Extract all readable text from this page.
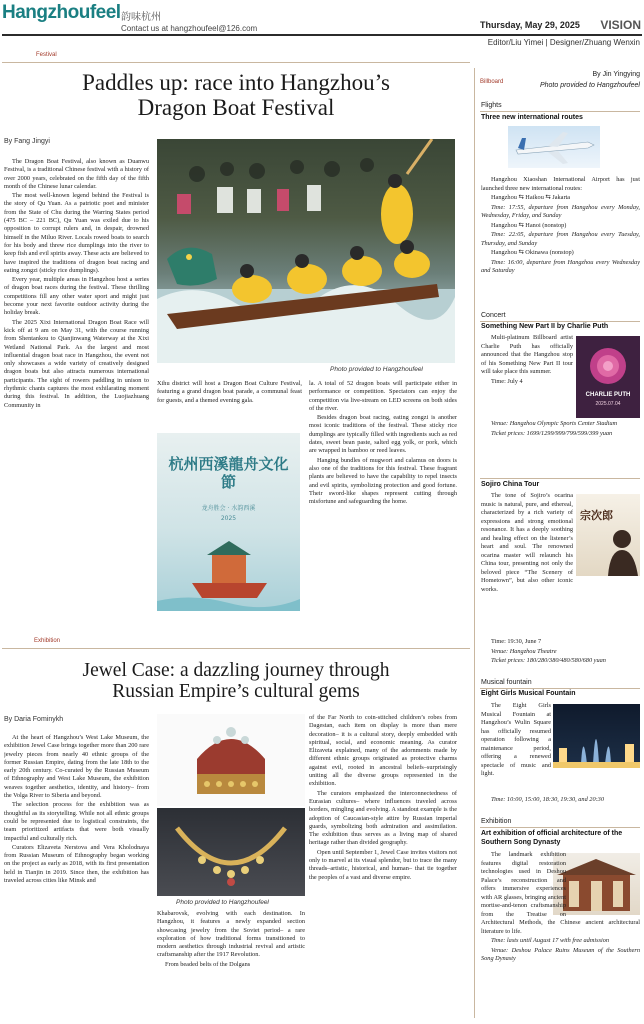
Hangzhoufeel 韵味杭州
Contact us at hangzhoufeel@126.com	Thursday, May 29, 2025 VISION
Editor/Liu Yimei | Designer/Zhuang Wenxin
Festival
Paddles up: race into Hangzhou’s
Dragon Boat Festival
By Fang Jingyi

The Dragon Boat Festival, also known as Duanwu Festival, is a traditional Chinese festival with a history of over 2000 years, celebrated on the fifth day of the fifth month of the Chinese lunar calendar.

The most well-known legend behind the Festival is the story of Qu Yuan. As a patriotic poet and minister from the State of Chu during the Warring States period (475 BC – 221 BC), Qu Yuan was exiled due to his opposition to corrupt rulers and, in despair, drowned himself in the Miluo River. Locals rowed boats to search for his body and threw rice dumplings into the river to keep fish and evil spirits away. These acts are believed to have inspired the traditions of dragon boat racing and eating zongzi (sticky rice dumplings).

Every year, multiple areas in Hangzhou host a series of dragon boat races during the festival. These thrilling competitions fill any other water sport and might just become your next favorite outdoor activity during the holiday break.

The 2025 Xixi International Dragon Boat Race will kick off at 9 am on May 31, with the course running from Shentankou to Qianjinwang Waterway at the Xixi Wetland National Park. As the largest and most influential dragon boat race in Hangzhou, the event not only showcases a wide variety of creatively designed dragon boats but also attracts numerous international participants. The sight of rowers paddling in unison to rhythmic chants captures the most exhilarating moment during this festival. In addition, the Luojiazhuang Community in

Photo provided to Hangzhoufeel
杭州西溪龍舟文化節
龙舟胜会 · 水韵西溪
2025

Xihu district will host a Dragon Boat Culture Festival, featuring a grand dragon boat parade, a communal feast for guests, and a themed evening gala.

la. A total of 52 dragon boats will participate either in performance or competition. Spectators can enjoy the competition via live-stream on LED screens on both sides of the river.

Besides dragon boat racing, eating zongzi is another most iconic traditions of the festival. These sticky rice dumplings are typically filled with ingredients such as red dates, sweet bean paste, salted egg yolk, or pork, which are wrapped in bamboo or reed leaves.

Hanging bundles of mugwort and calamus on doors is also one of the traditions for this festival. These fragrant plants are believed to have the capability to repel insects and evil spirits, symbolizing protection and good fortune. Their sword-like shapes represent cutting through misfortune and safeguarding the home.

Exhibition
Jewel Case: a dazzling journey through
Russian Empire’s cultural gems
By Daria Fominykh

At the heart of Hangzhou’s West Lake Museum, the exhibition Jewel Case brings together more than 200 rare jewelry pieces from nearly 40 ethnic groups of the former Russian Empire, dating from the late 18th to the early 20th century. Co-curated by the Russian Museum of Ethnography and West Lake Museum, the exhibition weaves together aesthetics, identity, and history– from the Volga River to Siberia and beyond.

The selection process for the exhibition was as thoughtful as its storytelling. While not all ethnic groups could be represented due to logistical constraints, the team prioritized artifacts that were both visually impactful and culturally rich.

Curators Elizaveta Nerstova and Vera Kholodnaya from Russian Museum of Ethnography began working on the project as early as 2018, with its first presentation held in Tianjin in 2019. Since then, the exhibition has traveled across cities like Minsk and

Photo provided to Hangzhoufeel

Khabarovsk, evolving with each destination. In Hangzhou, it features a newly expanded section showcasing jewelry from the Soviet period– a rare exploration of how traditional forms transitioned to modern aesthetics through industrial revival and artistic craftsmanship after the 1917 Revolution.

From beaded belts of the Dolgans

of the Far North to coin-stitched children’s robes from Dagestan, each item on display is more than mere decoration– it is a cultural story, deeply embedded with spiritual, social, and economic meaning. As curator Elizaveta explained, many of the adornments made by different ethnic groups originated as protective charms against evil, rooted in ancestral beliefs–surprisingly uniting all the diverse groups represented in the exhibition.

The curators emphasized the interconnectedness of Eurasian cultures– where influences traveled across borders, mingling and evolving. A standout example is the adoption of Caucasian-style attire by Russian imperial guards, symbolizing both admiration and assimilation. The exhibition thus serves as a living map of shared heritage rather than divided geography.

Open until September 1, Jewel Case invites visitors not only to marvel at its visual splendor, but to trace the many threads–artistic, historical, and human– that tie together the peoples of a vast and diverse empire.

Billboard
By Jin Yingying
Photo provided to Hangzhoufeel
Flights
Three new international routes

Hangzhou Xiaoshan International Airport has just launched three new international routes:

Hangzhou ⇆ Haikou ⇆ Jakarta

Time: 17:55, departure from Hangzhou every Monday, Wednesday, Friday, and Sunday

Hangzhou ⇆ Hanoi (nonstop)

Time: 22:05, departure from Hangzhou every Tuesday, Thursday, and Sunday

Hangzhou ⇆ Okinawa (nonstop)

Time: 16:00, departure from Hangzhou every Wednesday and Saturday

Concert
Something New Part II by Charlie Puth
CHARLIE PUTH
2025.07.04

Multi-platinum Billboard artist Charlie Puth has officially announced that the Hangzhou stop of his Something New Part II tour will take place this summer.

Time: July 4

Venue: Hangzhou Olympic Sports Center Stadium

Ticket prices: 1699/1299/999/799/599/399 yuan

Sojiro China Tour
宗次郎

The tone of Sojiro’s ocarina music is natural, pure, and ethereal, characterized by a rich variety of expressions and strong emotional resonance. It has a deeply soothing and healing effect on the listener’s heart and soul. The renowned ocarina master will relaunch his China tour, presenting not only the beloved piece “The Scenery of Hometown”, but also other iconic works.

Time: 19:30, June 7

Venue: Hangzhou Theatre

Ticket prices: 180/280/380/480/580/680 yuan

Musical fountain
Eight Girls Musical Fountain

The Eight Girls Musical Fountain at Hangzhou’s Wulin Square has officially resumed operation following a maintenance period, offering a renewed spectacle of music and light.

Time: 10:00, 15:00, 18:30, 19:30, and 20:30

Exhibition
Art exhibition of official architecture of the Southern Song Dynasty

The landmark exhibition features digital restoration technologies used in Deshou Palace’s reconstruction and offers immersive experiences with AR glasses, bringing ancient mortise-and-tenon craftsmanship from the Treatise on Architectural Methods, the Chinese ancient architectural literature to life.

Time: lasts until August 17 with free admission

Venue: Deshou Palace Ruins Museum of the Southern Song Dynasty
